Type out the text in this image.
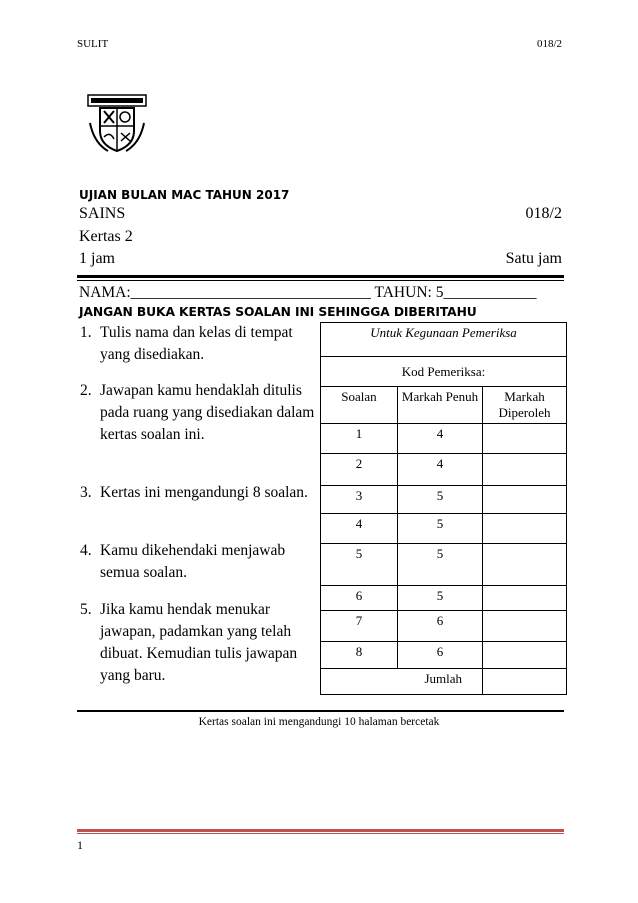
SULIT	018/2
UJIAN BULAN MAC TAHUN 2017
SAINS	018/2
Kertas 2
1 jam	Satu jam
NAMA:_______________________________ TAHUN: 5____________
JANGAN BUKA KERTAS SOALAN INI SEHINGGA DIBERITAHU
1. Tulis nama dan kelas di tempat yang disediakan.
2. Jawapan kamu hendaklah ditulis pada ruang yang disediakan dalam kertas soalan ini.
3. Kertas ini mengandungi 8 soalan.
4. Kamu dikehendaki menjawab semua soalan.
5. Jika kamu hendak menukar jawapan, padamkan yang telah dibuat. Kemudian tulis jawapan yang baru.
Untuk Kegunaan Pemeriksa		
Kod Pemeriksa:		
Soalan	Markah Penuh	Markah Diperoleh
1	4	
2	4	
3	5	
4	5	
5	5	
6	5	
7	6	
8	6	
Jumlah		
Kertas soalan ini mengandungi 10 halaman bercetak
1
